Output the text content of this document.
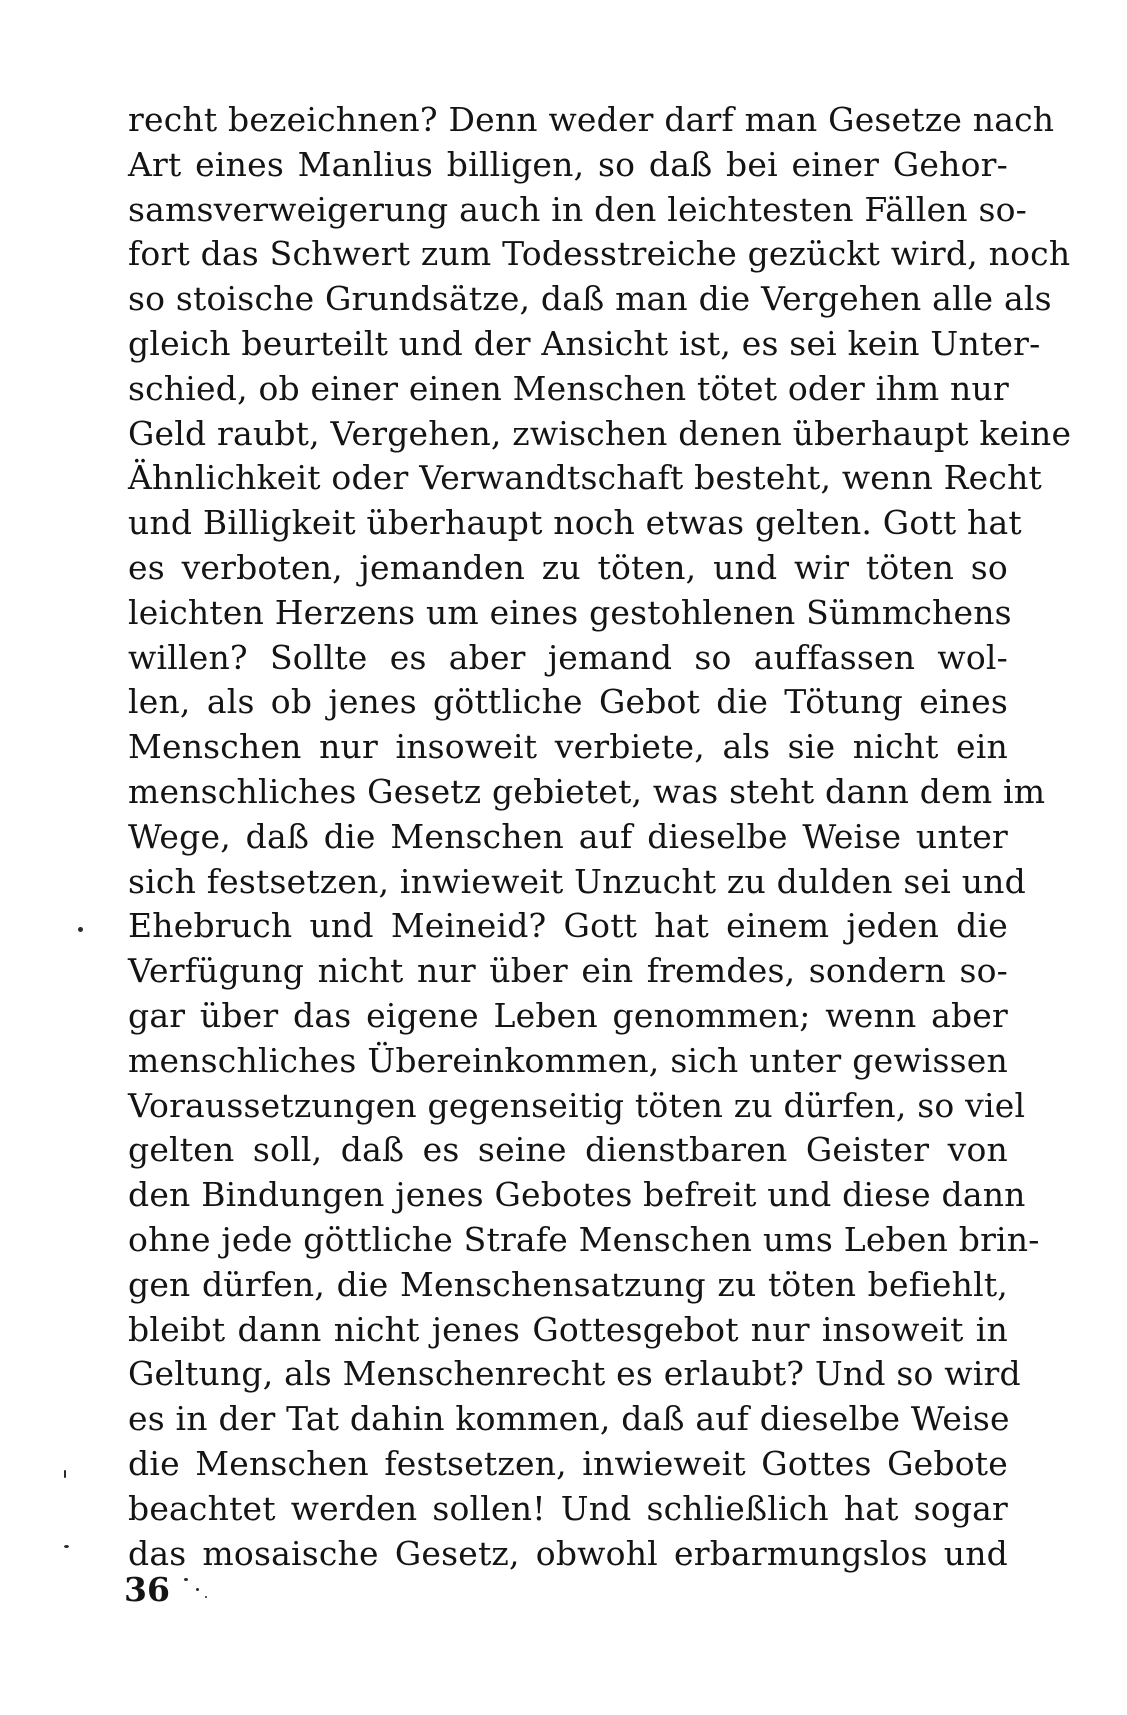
recht bezeichnen? Denn weder darf man Gesetze nach
Art eines Manlius billigen, so daß bei einer Gehor-
samsverweigerung auch in den leichtesten Fällen so-
fort das Schwert zum Todesstreiche gezückt wird, noch
so stoische Grundsätze, daß man die Vergehen alle als
gleich beurteilt und der Ansicht ist, es sei kein Unter-
schied, ob einer einen Menschen tötet oder ihm nur
Geld raubt, Vergehen, zwischen denen überhaupt keine
Ähnlichkeit oder Verwandtschaft besteht, wenn Recht
und Billigkeit überhaupt noch etwas gelten. Gott hat
es verboten, jemanden zu töten, und wir töten so
leichten Herzens um eines gestohlenen Sümmchens
willen? Sollte es aber jemand so auffassen wol-
len, als ob jenes göttliche Gebot die Tötung eines
Menschen nur insoweit verbiete, als sie nicht ein
menschliches Gesetz gebietet, was steht dann dem im
Wege, daß die Menschen auf dieselbe Weise unter
sich festsetzen, inwieweit Unzucht zu dulden sei und
Ehebruch und Meineid? Gott hat einem jeden die
Verfügung nicht nur über ein fremdes, sondern so-
gar über das eigene Leben genommen; wenn aber
menschliches Übereinkommen, sich unter gewissen
Voraussetzungen gegenseitig töten zu dürfen, so viel
gelten soll, daß es seine dienstbaren Geister von
den Bindungen jenes Gebotes befreit und diese dann
ohne jede göttliche Strafe Menschen ums Leben brin-
gen dürfen, die Menschensatzung zu töten befiehlt,
bleibt dann nicht jenes Gottesgebot nur insoweit in
Geltung, als Menschenrecht es erlaubt? Und so wird
es in der Tat dahin kommen, daß auf dieselbe Weise
die Menschen festsetzen, inwieweit Gottes Gebote
beachtet werden sollen! Und schließlich hat sogar
das mosaische Gesetz, obwohl erbarmungslos und
36
